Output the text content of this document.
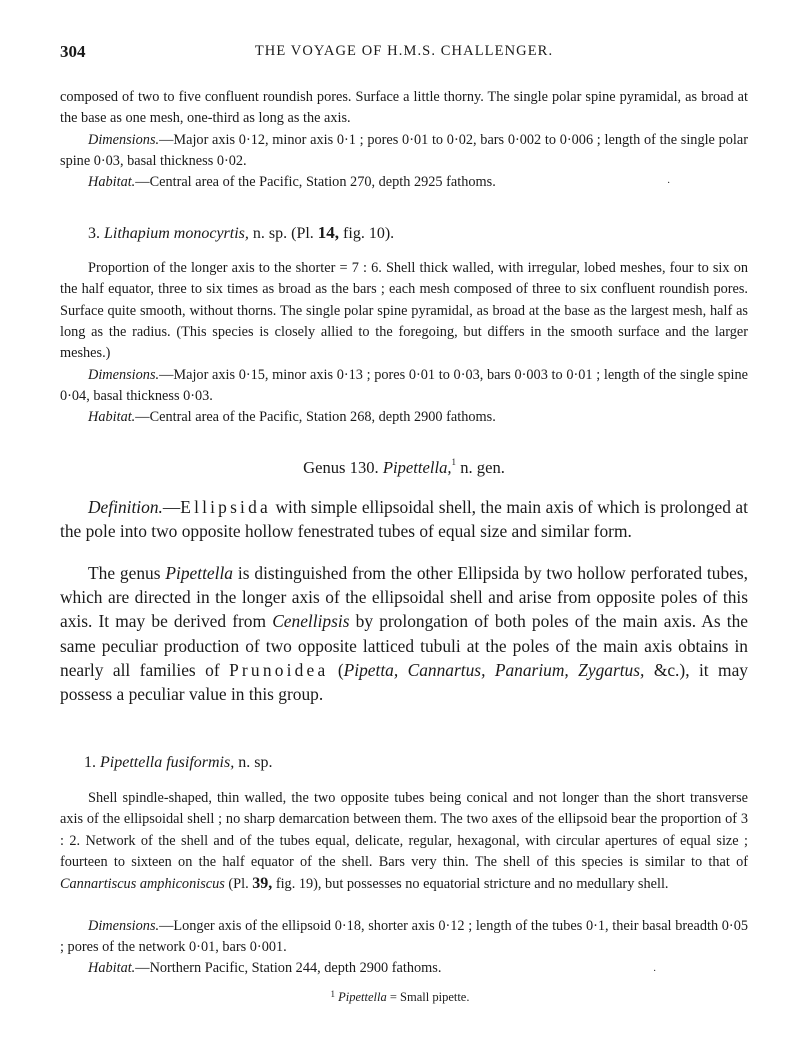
304	THE VOYAGE OF H.M.S. CHALLENGER.

composed of two to five confluent roundish pores. Surface a little thorny. The single polar spine pyramidal, as broad at the base as one mesh, one-third as long as the axis.

Dimensions.—Major axis 0·12, minor axis 0·1 ; pores 0·01 to 0·02, bars 0·002 to 0·006 ; length of the single polar spine 0·03, basal thickness 0·02.

Habitat.—Central area of the Pacific, Station 270, depth 2925 fathoms.	·

3. Lithapium monocyrtis, n. sp. (Pl. 14, fig. 10).

Proportion of the longer axis to the shorter = 7 : 6. Shell thick walled, with irregular, lobed meshes, four to six on the half equator, three to six times as broad as the bars ; each mesh composed of three to six confluent roundish pores. Surface quite smooth, without thorns. The single polar spine pyramidal, as broad at the base as the largest mesh, half as long as the radius. (This species is closely allied to the foregoing, but differs in the smooth surface and the larger meshes.)

Dimensions.—Major axis 0·15, minor axis 0·13 ; pores 0·01 to 0·03, bars 0·003 to 0·01 ; length of the single spine 0·04, basal thickness 0·03.

Habitat.—Central area of the Pacific, Station 268, depth 2900 fathoms.

Genus 130. Pipettella,$^1$ n. gen.

Definition.—Ellipsida with simple ellipsoidal shell, the main axis of which is prolonged at the pole into two opposite hollow fenestrated tubes of equal size and similar form.

The genus Pipettella is distinguished from the other Ellipsida by two hollow perforated tubes, which are directed in the longer axis of the ellipsoidal shell and arise from opposite poles of this axis. It may be derived from Cenellipsis by prolongation of both poles of the main axis. As the same peculiar production of two opposite latticed tubuli at the poles of the main axis obtains in nearly all families of Prunoidea (Pipetta, Cannartus, Panarium, Zygartus, &c.), it may possess a peculiar value in this group.

1. Pipettella fusiformis, n. sp.

Shell spindle-shaped, thin walled, the two opposite tubes being conical and not longer than the short transverse axis of the ellipsoidal shell ; no sharp demarcation between them. The two axes of the ellipsoid bear the proportion of 3 : 2. Network of the shell and of the tubes equal, delicate, regular, hexagonal, with circular apertures of equal size ; fourteen to sixteen on the half equator of the shell. Bars very thin. The shell of this species is similar to that of Cannartiscus amphiconiscus (Pl. 39, fig. 19), but possesses no equatorial stricture and no medullary shell.

Dimensions.—Longer axis of the ellipsoid 0·18, shorter axis 0·12 ; length of the tubes 0·1, their basal breadth 0·05 ; pores of the network 0·01, bars 0·001.

Habitat.—Northern Pacific, Station 244, depth 2900 fathoms.	·
$^1$ Pipettella = Small pipette.
